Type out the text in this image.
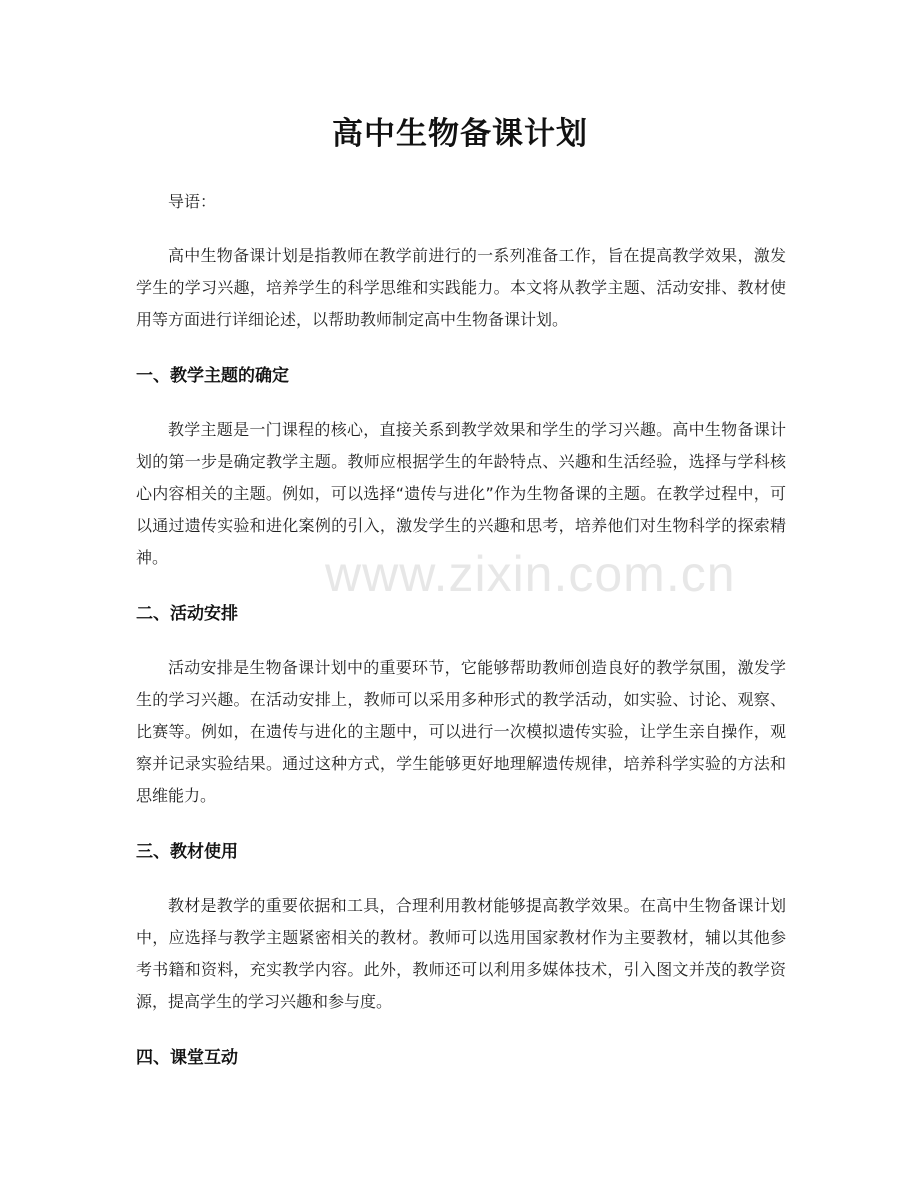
高中生物备课计划

导语：

高中生物备课计划是指教师在教学前进行的一系列准备工作，旨在提高教学效果，激发学生的学习兴趣，培养学生的科学思维和实践能力。本文将从教学主题、活动安排、教材使用等方面进行详细论述，以帮助教师制定高中生物备课计划。

一、教学主题的确定

教学主题是一门课程的核心，直接关系到教学效果和学生的学习兴趣。高中生物备课计划的第一步是确定教学主题。教师应根据学生的年龄特点、兴趣和生活经验，选择与学科核心内容相关的主题。例如，可以选择“遗传与进化”作为生物备课的主题。在教学过程中，可以通过遗传实验和进化案例的引入，激发学生的兴趣和思考，培养他们对生物科学的探索精神。

二、活动安排

活动安排是生物备课计划中的重要环节，它能够帮助教师创造良好的教学氛围，激发学生的学习兴趣。在活动安排上，教师可以采用多种形式的教学活动，如实验、讨论、观察、比赛等。例如，在遗传与进化的主题中，可以进行一次模拟遗传实验，让学生亲自操作，观察并记录实验结果。通过这种方式，学生能够更好地理解遗传规律，培养科学实验的方法和思维能力。

三、教材使用

教材是教学的重要依据和工具，合理利用教材能够提高教学效果。在高中生物备课计划中，应选择与教学主题紧密相关的教材。教师可以选用国家教材作为主要教材，辅以其他参考书籍和资料，充实教学内容。此外，教师还可以利用多媒体技术，引入图文并茂的教学资源，提高学生的学习兴趣和参与度。

四、课堂互动
www.zixin.com.cn
